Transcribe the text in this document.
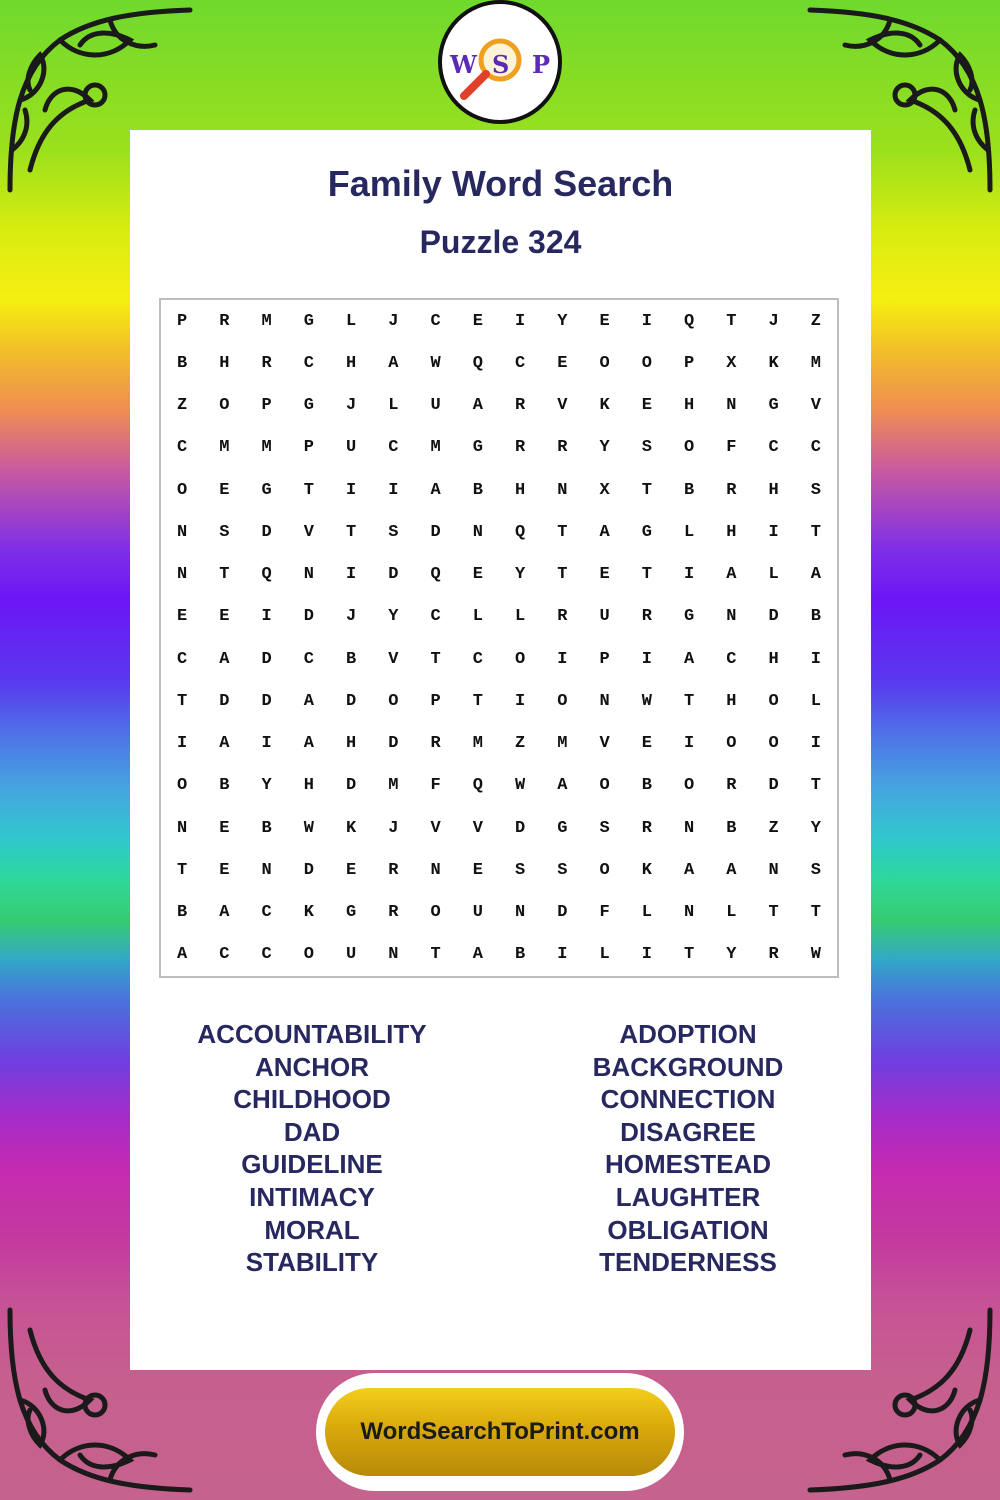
W S P
Family Word Search
Puzzle 324
P	R	M	G	L	J	C	E	I	Y	E	I	Q	T	J	Z
B	H	R	C	H	A	W	Q	C	E	O	O	P	X	K	M
Z	O	P	G	J	L	U	A	R	V	K	E	H	N	G	V
C	M	M	P	U	C	M	G	R	R	Y	S	O	F	C	C
O	E	G	T	I	I	A	B	H	N	X	T	B	R	H	S
N	S	D	V	T	S	D	N	Q	T	A	G	L	H	I	T
N	T	Q	N	I	D	Q	E	Y	T	E	T	I	A	L	A
E	E	I	D	J	Y	C	L	L	R	U	R	G	N	D	B
C	A	D	C	B	V	T	C	O	I	P	I	A	C	H	I
T	D	D	A	D	O	P	T	I	O	N	W	T	H	O	L
I	A	I	A	H	D	R	M	Z	M	V	E	I	O	O	I
O	B	Y	H	D	M	F	Q	W	A	O	B	O	R	D	T
N	E	B	W	K	J	V	V	D	G	S	R	N	B	Z	Y
T	E	N	D	E	R	N	E	S	S	O	K	A	A	N	S
B	A	C	K	G	R	O	U	N	D	F	L	N	L	T	T
A	C	C	O	U	N	T	A	B	I	L	I	T	Y	R	W
ACCOUNTABILITY
ANCHOR
CHILDHOOD
DAD
GUIDELINE
INTIMACY
MORAL
STABILITY
ADOPTION
BACKGROUND
CONNECTION
DISAGREE
HOMESTEAD
LAUGHTER
OBLIGATION
TENDERNESS
WordSearchToPrint.com
